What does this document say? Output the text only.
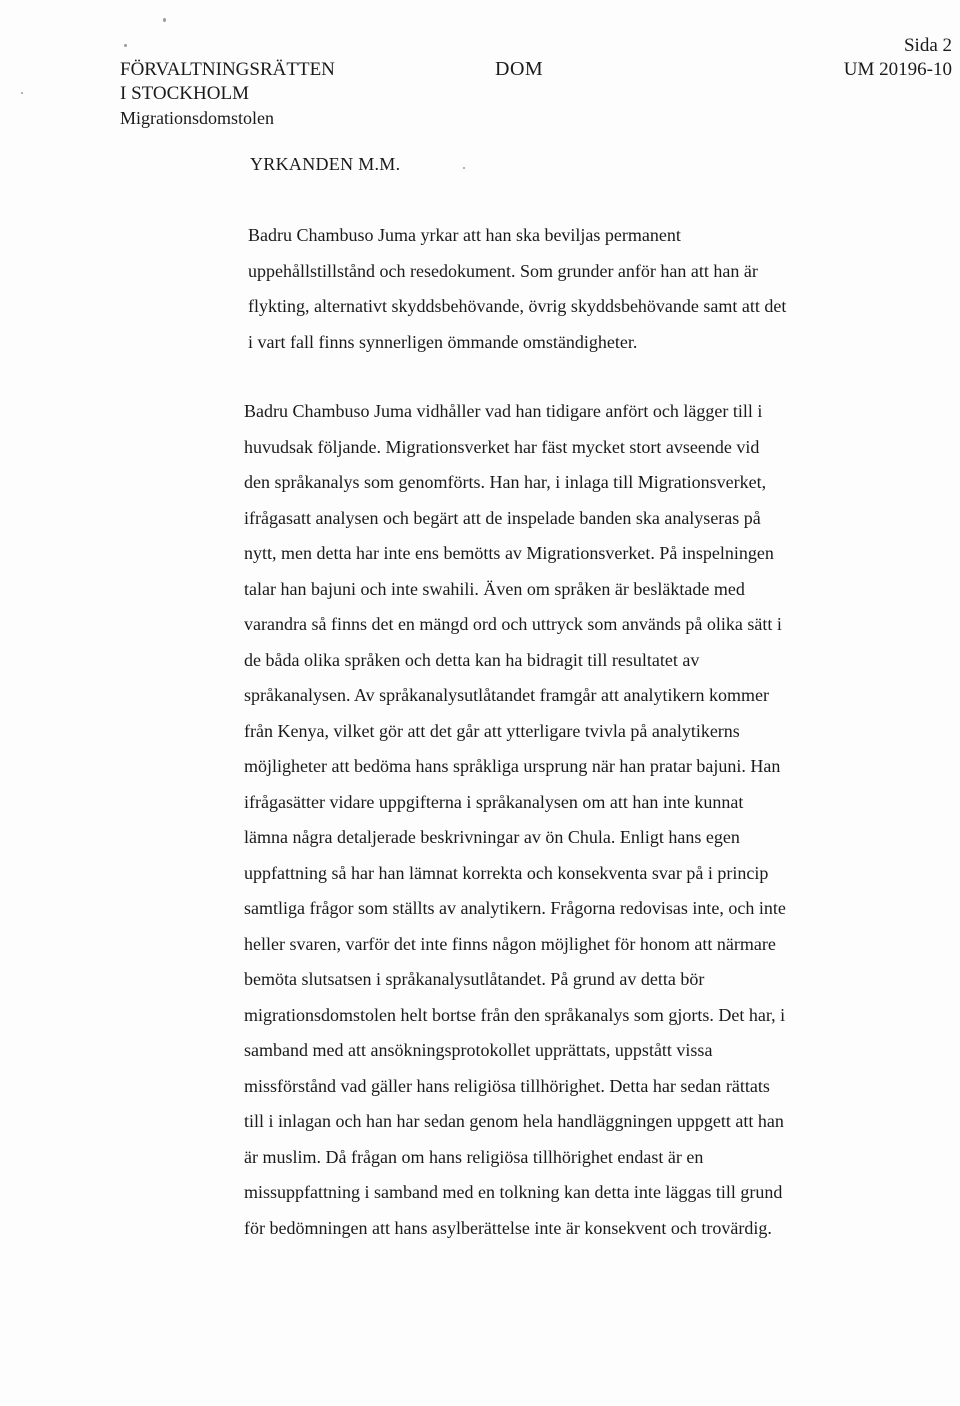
FÖRVALTNINGSRÄTTEN
I STOCKHOLM
Migrationsdomstolen
DOM
Sida 2
UM 20196-10
YRKANDEN M.M.
Badru Chambuso Juma yrkar att han ska beviljas permanent
uppehållstillstånd och resedokument. Som grunder anför han att han är
flykting, alternativt skyddsbehövande, övrig skyddsbehövande samt att det
i vart fall finns synnerligen ömmande omständigheter.
Badru Chambuso Juma vidhåller vad han tidigare anfört och lägger till i
huvudsak följande. Migrationsverket har fäst mycket stort avseende vid
den språkanalys som genomförts. Han har, i inlaga till Migrationsverket,
ifrågasatt analysen och begärt att de inspelade banden ska analyseras på
nytt, men detta har inte ens bemötts av Migrationsverket. På inspelningen
talar han bajuni och inte swahili. Även om språken är besläktade med
varandra så finns det en mängd ord och uttryck som används på olika sätt i
de båda olika språken och detta kan ha bidragit till resultatet av
språkanalysen. Av språkanalysutlåtandet framgår att analytikern kommer
från Kenya, vilket gör att det går att ytterligare tvivla på analytikerns
möjligheter att bedöma hans språkliga ursprung när han pratar bajuni. Han
ifrågasätter vidare uppgifterna i språkanalysen om att han inte kunnat
lämna några detaljerade beskrivningar av ön Chula. Enligt hans egen
uppfattning så har han lämnat korrekta och konsekventa svar på i princip
samtliga frågor som ställts av analytikern. Frågorna redovisas inte, och inte
heller svaren, varför det inte finns någon möjlighet för honom att närmare
bemöta slutsatsen i språkanalysutlåtandet. På grund av detta bör
migrationsdomstolen helt bortse från den språkanalys som gjorts. Det har, i
samband med att ansökningsprotokollet upprättats, uppstått vissa
missförstånd vad gäller hans religiösa tillhörighet. Detta har sedan rättats
till i inlagan och han har sedan genom hela handläggningen uppgett att han
är muslim. Då frågan om hans religiösa tillhörighet endast är en
missuppfattning i samband med en tolkning kan detta inte läggas till grund
för bedömningen att hans asylberättelse inte är konsekvent och trovärdig.
